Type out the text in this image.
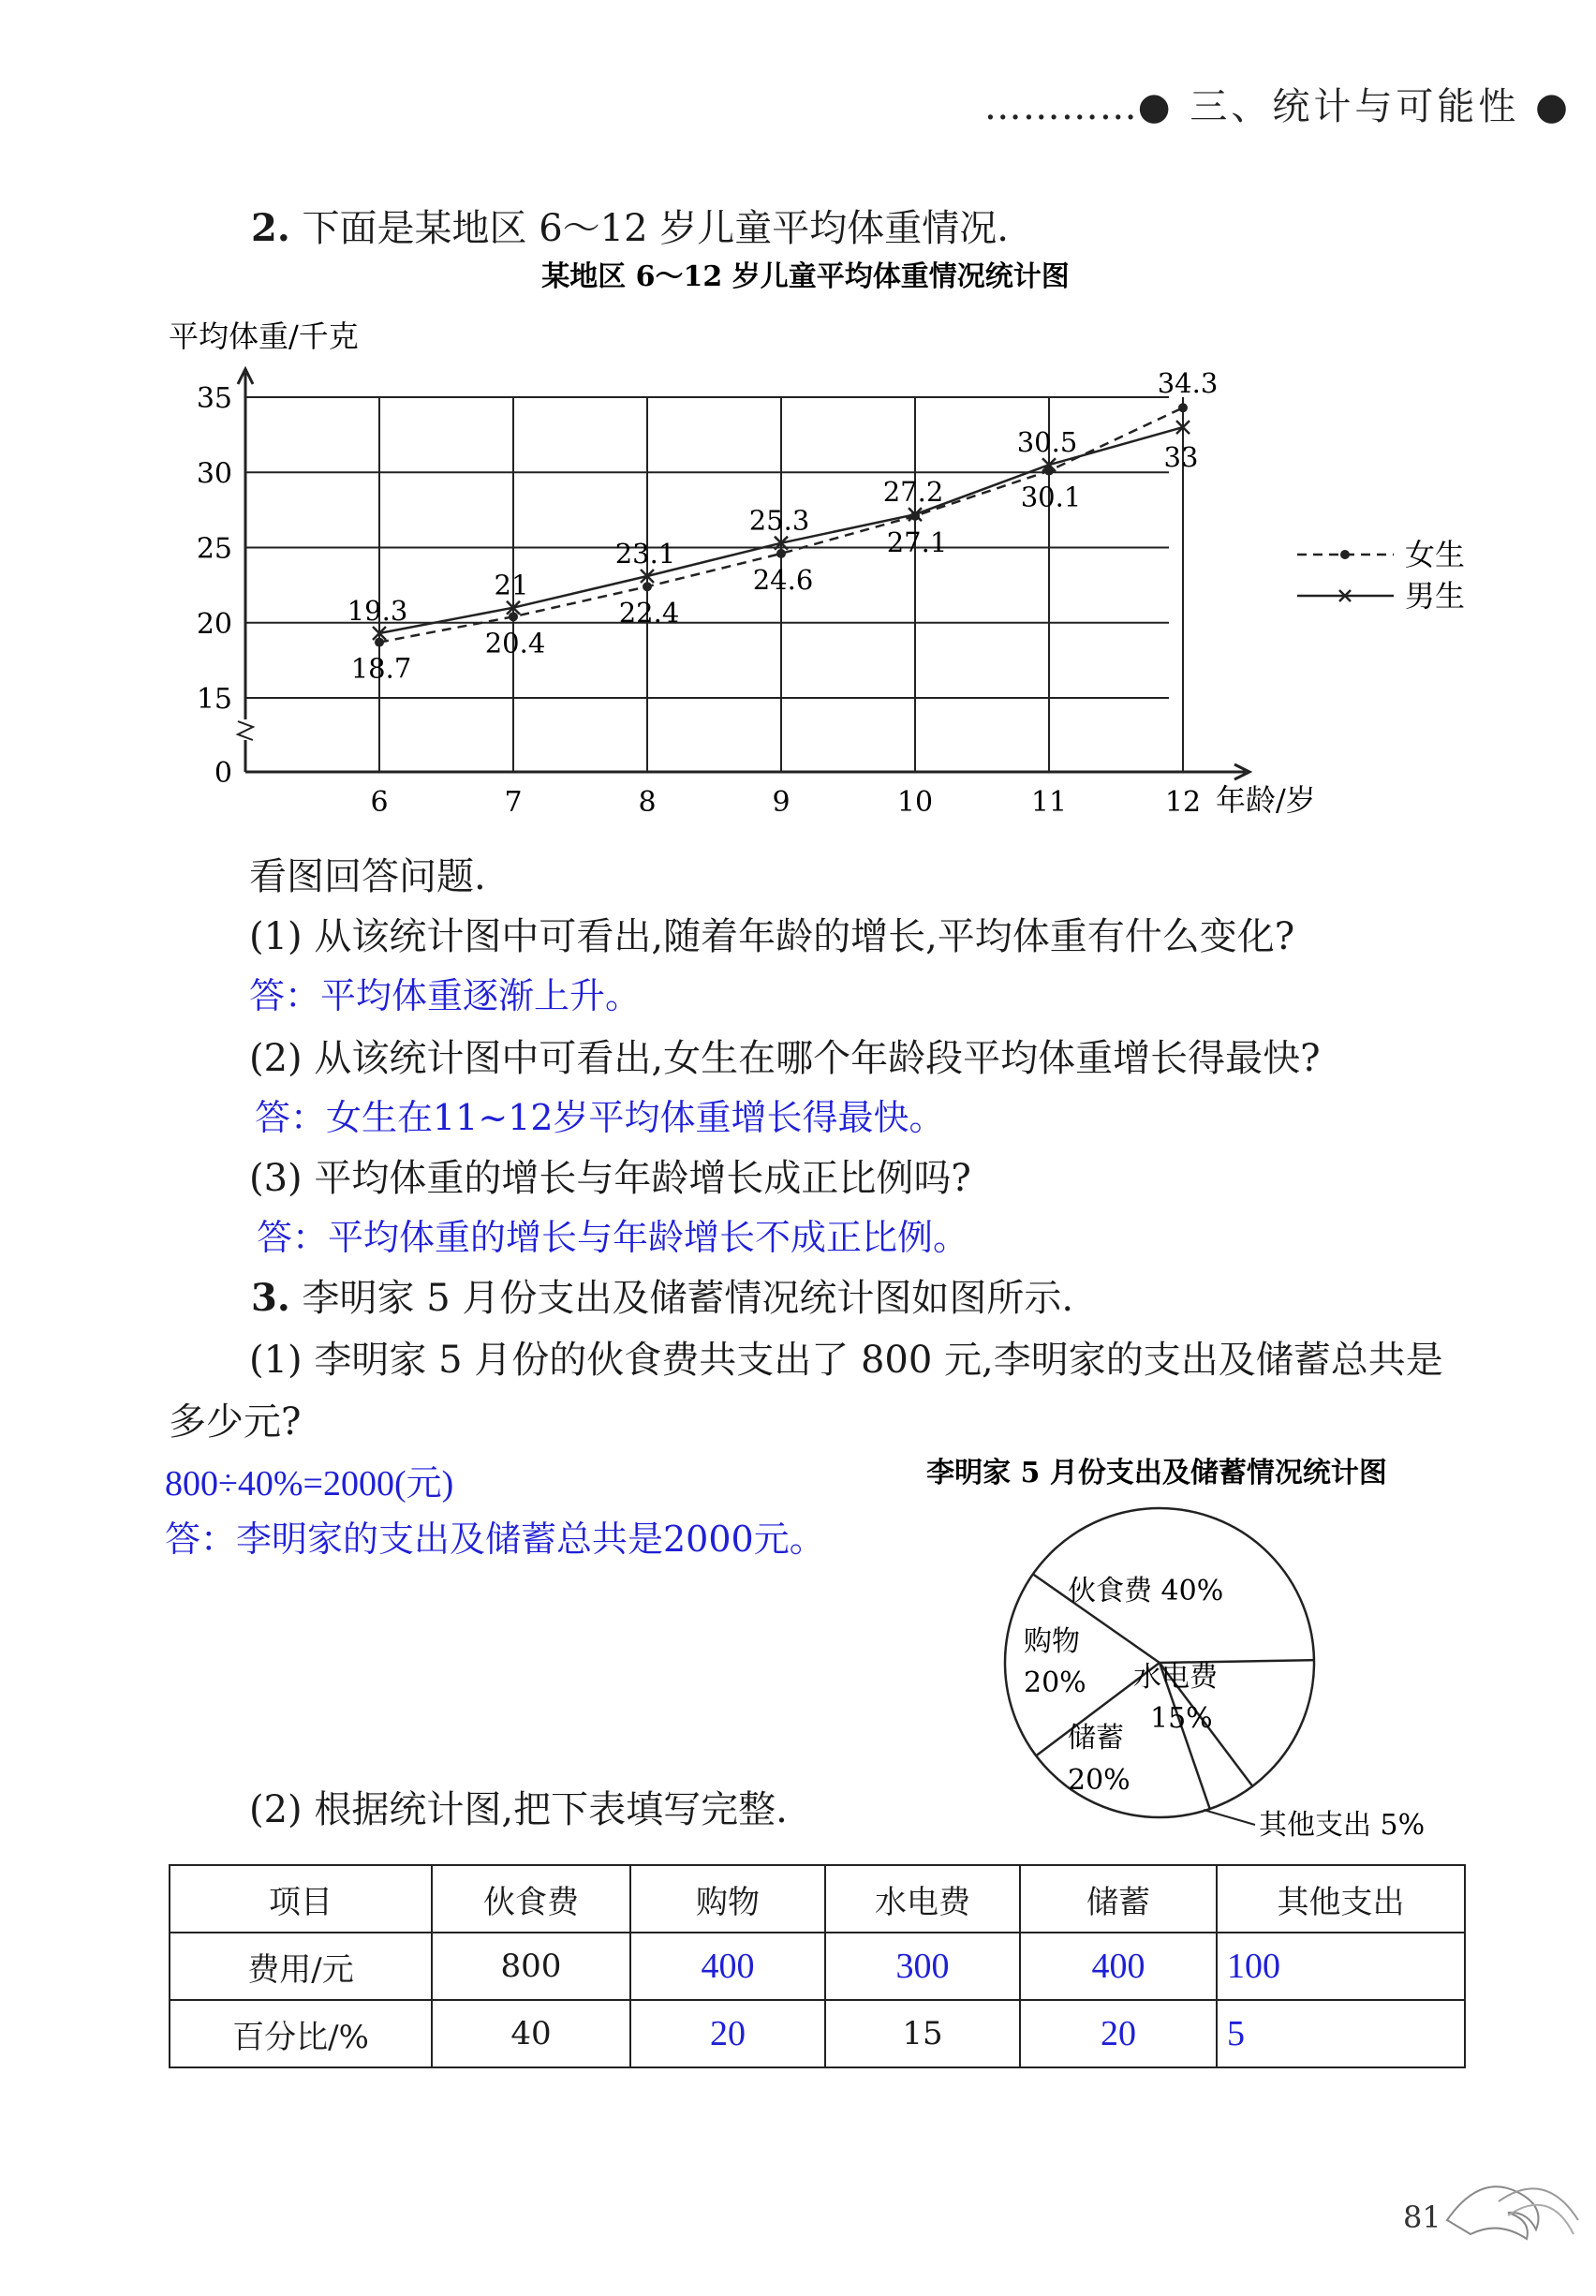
…………● 三、统计与可能性 ●
2. 下面是某地区 6～12 岁儿童平均体重情况.
某地区 6～12 岁儿童平均体重情况统计图
平均体重/千克
年龄/岁
0
15
20
25
30
35
6	7	8	9	10	11	12
18.7
20.4
22.4
24.6
27.1
30.1
34.3
19.3
21
23.1
25.3
27.2
30.5	33
女生
男生
看图回答问题.
(1) 从该统计图中可看出,随着年龄的增长,平均体重有什么变化?
答：平均体重逐渐上升。
(2) 从该统计图中可看出,女生在哪个年龄段平均体重增长得最快?
答：女生在11~12岁平均体重增长得最快。
(3) 平均体重的增长与年龄增长成正比例吗?
答：平均体重的增长与年龄增长不成正比例。
3. 李明家 5 月份支出及储蓄情况统计图如图所示.
(1) 李明家 5 月份的伙食费共支出了 800 元,李明家的支出及储蓄总共是
多少元?
800÷40%=2000(元)
答：李明家的支出及储蓄总共是2000元。
李明家 5 月份支出及储蓄情况统计图
伙食费 40%
水电费
15%
储蓄
20%
购物
20%
其他支出 5%
(2) 根据统计图,把下表填写完整.
项目	伙食费	购物	水电费	储蓄	其他支出
费用/元	800	400	300	400	100
百分比/%	40	20	15	20	5
81
